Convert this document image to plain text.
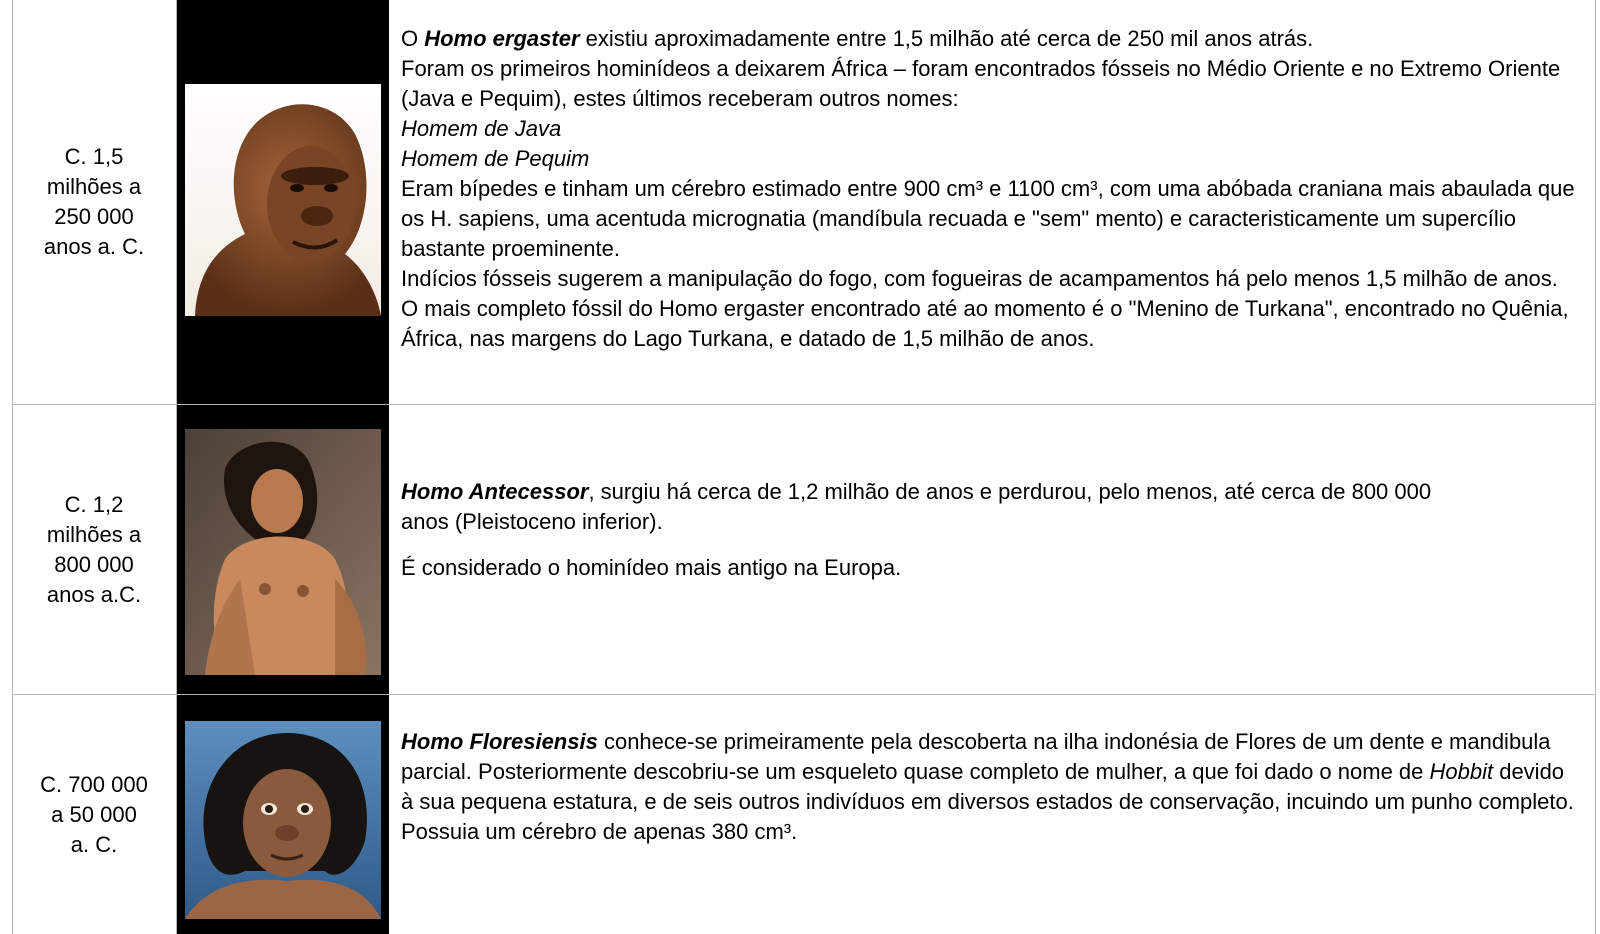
C. 1,5
milhões a
250 000
anos a. C.

O Homo ergaster existiu aproximadamente entre 1,5 milhão até cerca de 250 mil anos atrás.

Foram os primeiros hominídeos a deixarem África – foram encontrados fósseis no Médio Oriente e no Extremo Oriente (Java e Pequim), estes últimos receberam outros nomes:

Homem de Java

Homem de Pequim

Eram bípedes e tinham um cérebro estimado entre 900 cm³ e 1100 cm³, com uma abóbada craniana mais abaulada que os H. sapiens, uma acentuda micrognatia (mandíbula recuada e "sem" mento) e caracteristicamente um supercílio bastante proeminente.

Indícios fósseis sugerem a manipulação do fogo, com fogueiras de acampamentos há pelo menos 1,5 milhão de anos.

O mais completo fóssil do Homo ergaster encontrado até ao momento é o "Menino de Turkana", encontrado no Quênia, África, nas margens do Lago Turkana, e datado de 1,5 milhão de anos.

C. 1,2
milhões a
800 000
anos a.C.

Homo Antecessor, surgiu há cerca de 1,2 milhão de anos e perdurou, pelo menos, até cerca de 800 000 anos (Pleistoceno inferior).

É considerado o hominídeo mais antigo na Europa.

C. 700 000
a 50 000
a. C.

Homo Floresiensis conhece-se primeiramente pela descoberta na ilha indonésia de Flores de um dente e mandibula parcial. Posteriormente descobriu-se um esqueleto quase completo de mulher, a que foi dado o nome de Hobbit devido à sua pequena estatura, e de seis outros indivíduos em diversos estados de conservação, incuindo um punho completo. Possuia um cérebro de apenas 380 cm³.
